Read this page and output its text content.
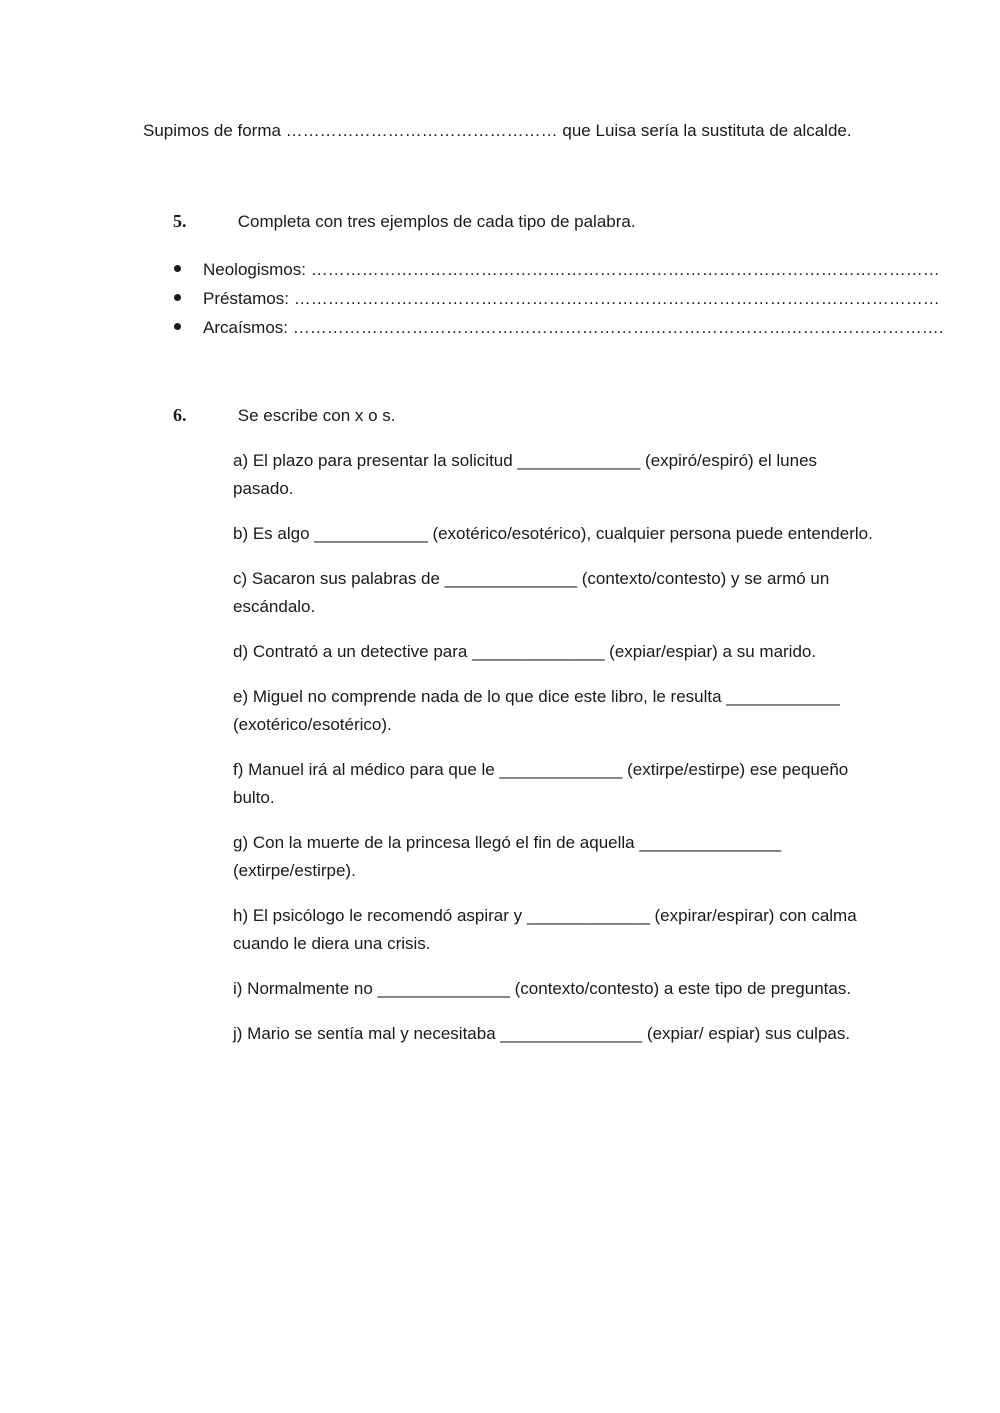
Supimos de forma ………………………………………… que Luisa sería la sustituta de alcalde.
5.	Completa con tres ejemplos de cada tipo de palabra.
Neologismos: …………………………………………………………………………………………………
Préstamos: ……………………………………………………………………………………………………
Arcaísmos: …………………………………………………………………………………………………….
6.	Se escribe con x o s.

a) El plazo para presentar la solicitud _____________ (expiró/espiró) el lunes pasado.

b) Es algo ____________ (exotérico/esotérico), cualquier persona puede entenderlo.

c) Sacaron sus palabras de ______________ (contexto/contesto) y se armó un escándalo.

d) Contrató a un detective para ______________ (expiar/espiar) a su marido.

e) Miguel no comprende nada de lo que dice este libro, le resulta ____________ (exotérico/esotérico).

f) Manuel irá al médico para que le _____________ (extirpe/estirpe) ese pequeño bulto.

g) Con la muerte de la princesa llegó el fin de aquella _______________ (extirpe/estirpe).

h) El psicólogo le recomendó aspirar y _____________ (expirar/espirar) con calma cuando le diera una crisis.

i) Normalmente no ______________ (contexto/contesto) a este tipo de preguntas.

j) Mario se sentía mal y necesitaba _______________ (expiar/ espiar) sus culpas.
